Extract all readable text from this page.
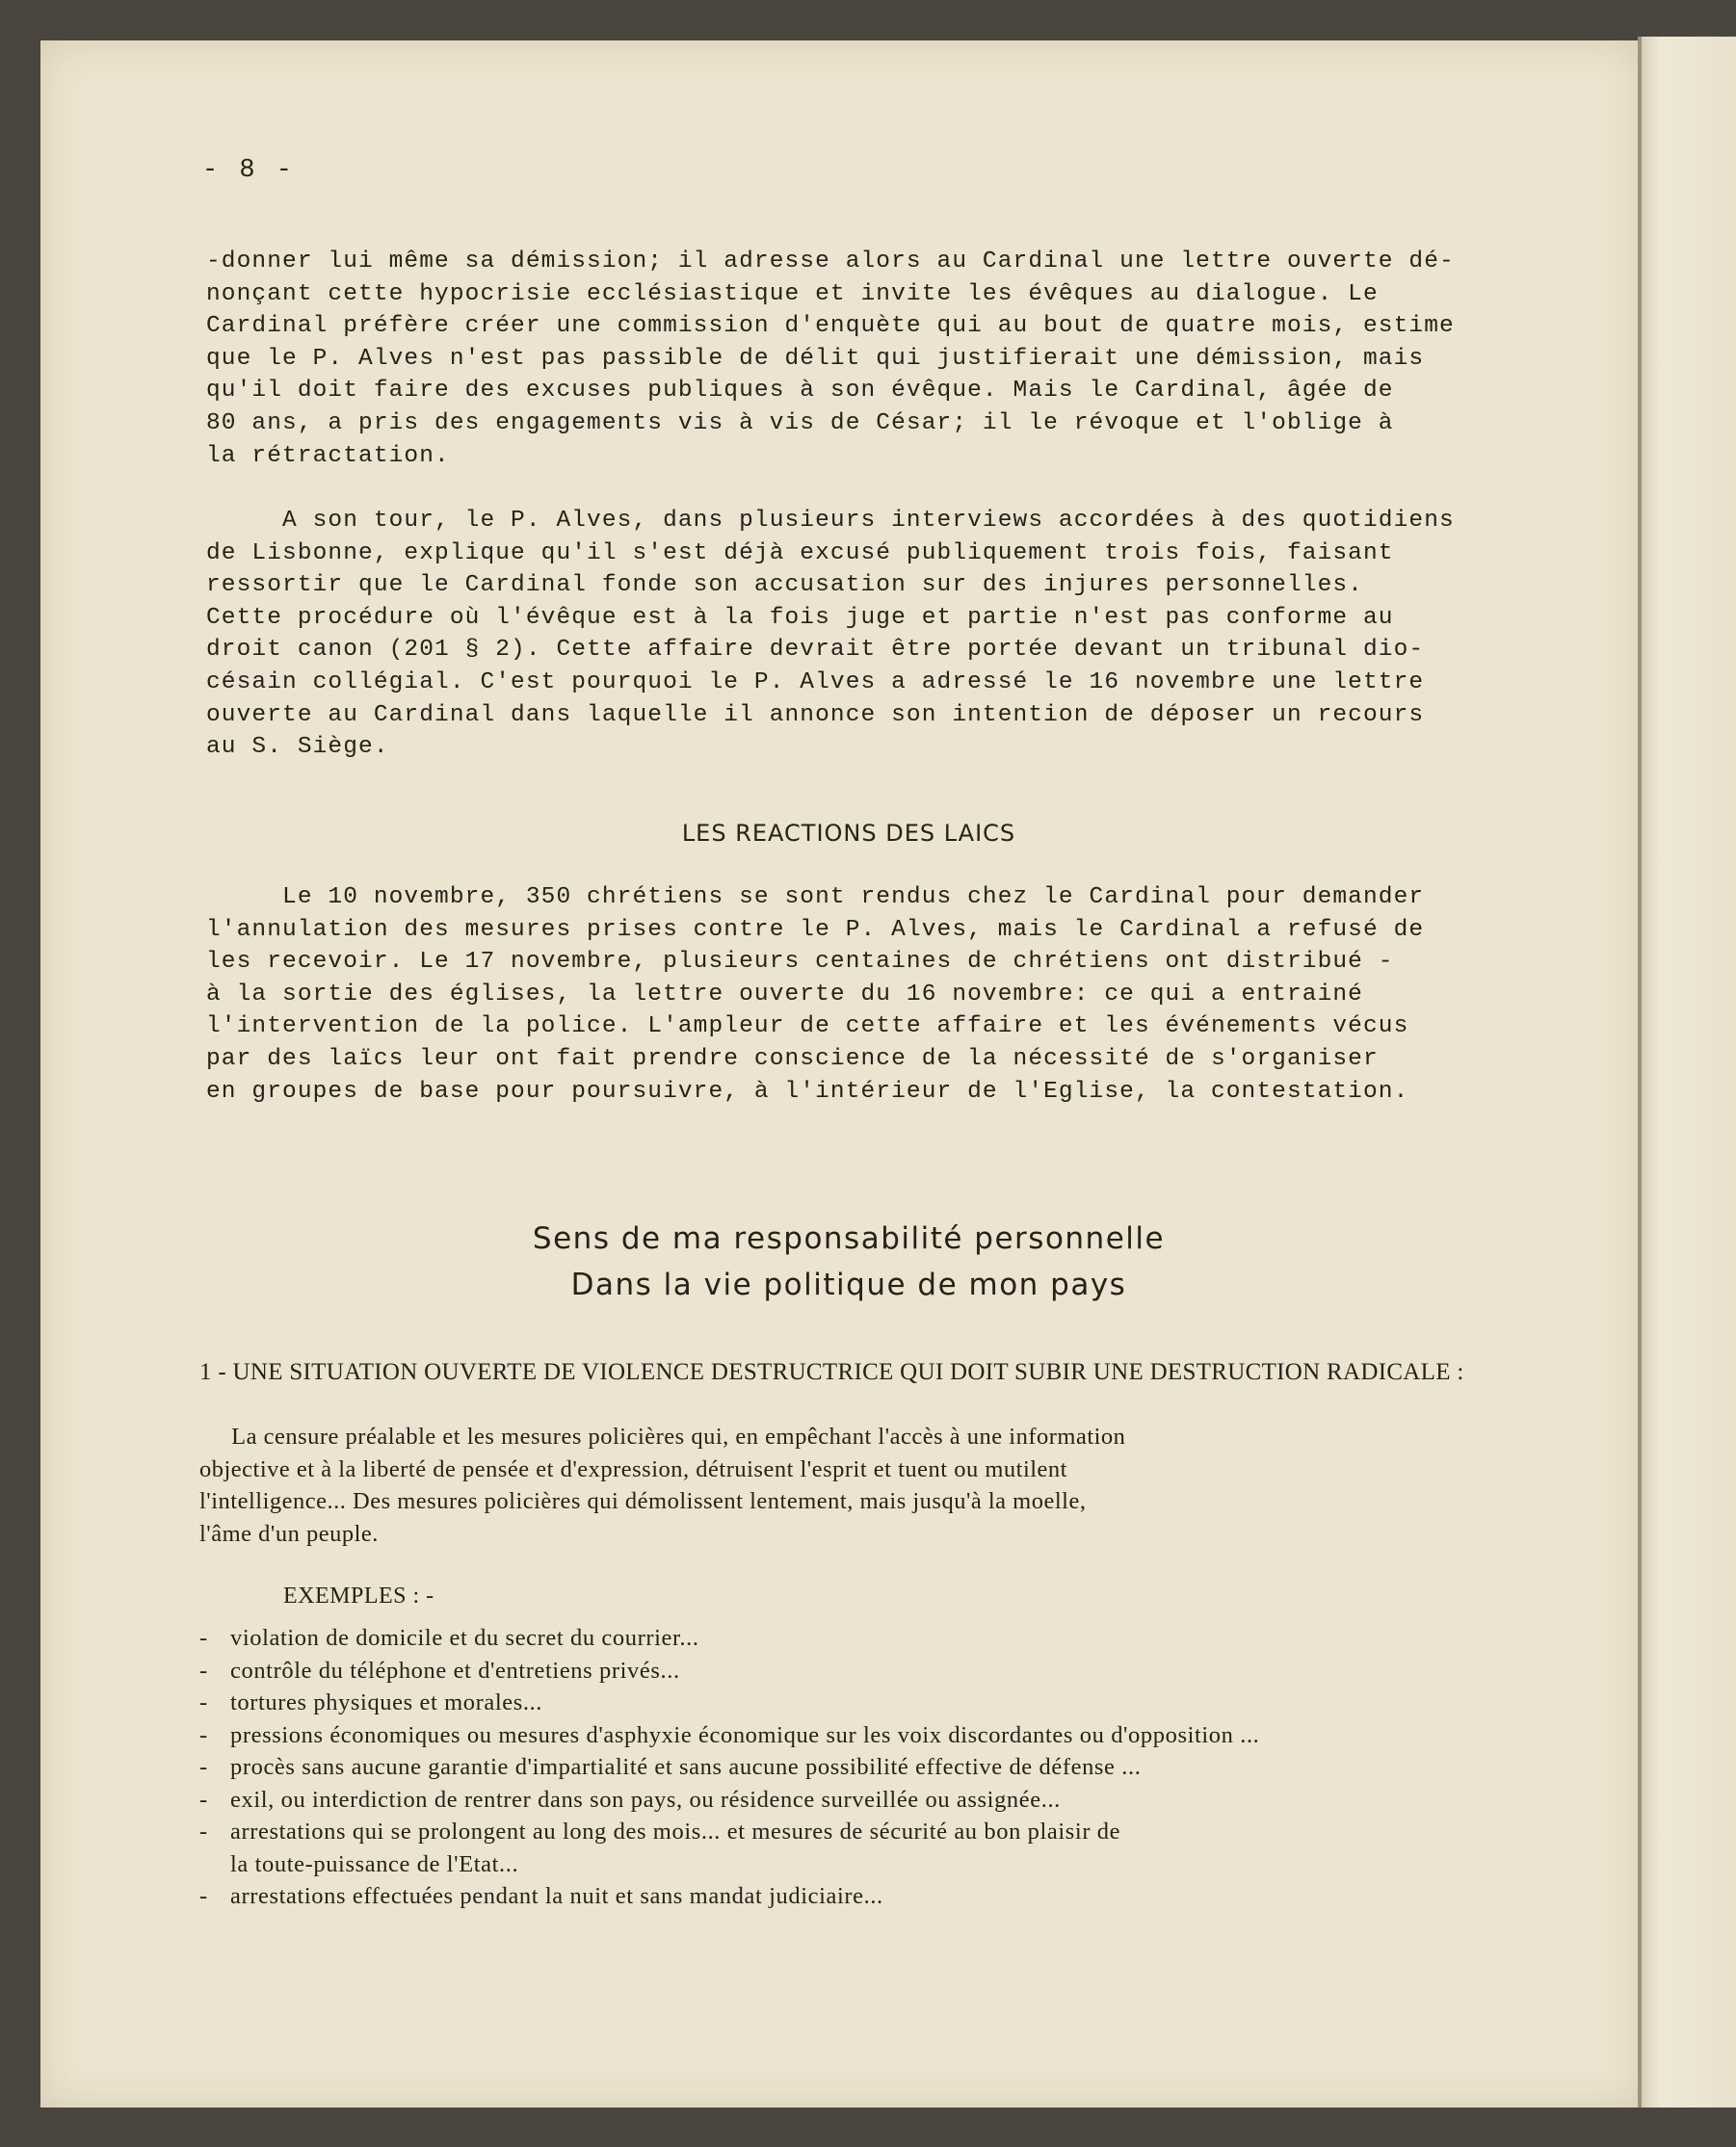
- 8 -
-donner lui même sa démission; il adresse alors au Cardinal une lettre ouverte dé-
nonçant cette hypocrisie ecclésiastique et invite les évêques au dialogue. Le
Cardinal préfère créer une commission d'enquète qui au bout de quatre mois, estime
que le P. Alves n'est pas passible de délit qui justifierait une démission, mais
qu'il doit faire des excuses publiques à son évêque. Mais le Cardinal, âgée de
80 ans, a pris des engagements vis à vis de César; il le révoque et l'oblige à
la rétractation.
A son tour, le P. Alves, dans plusieurs interviews accordées à des quotidiens
de Lisbonne, explique qu'il s'est déjà excusé publiquement trois fois, faisant
ressortir que le Cardinal fonde son accusation sur des injures personnelles.
Cette procédure où l'évêque est à la fois juge et partie n'est pas conforme au
droit canon (201 § 2). Cette affaire devrait être portée devant un tribunal dio-
césain collégial. C'est pourquoi le P. Alves a adressé le 16 novembre une lettre
ouverte au Cardinal dans laquelle il annonce son intention de déposer un recours
au S. Siège.
LES REACTIONS DES LAICS
Le 10 novembre, 350 chrétiens se sont rendus chez le Cardinal pour demander
l'annulation des mesures prises contre le P. Alves, mais le Cardinal a refusé de
les recevoir. Le 17 novembre, plusieurs centaines de chrétiens ont distribué -
à la sortie des églises, la lettre ouverte du 16 novembre: ce qui a entrainé
l'intervention de la police. L'ampleur de cette affaire et les événements vécus
par des laïcs leur ont fait prendre conscience de la nécessité de s'organiser
en groupes de base pour poursuivre, à l'intérieur de l'Eglise, la contestation.
Sens de ma responsabilité personnelle
Dans la vie politique de mon pays
1 - UNE SITUATION OUVERTE DE VIOLENCE DESTRUCTRICE QUI DOIT SUBIR UNE DESTRUCTION RADICALE :
La censure préalable et les mesures policières qui, en empêchant l'accès à une information
objective et à la liberté de pensée et d'expression, détruisent l'esprit et tuent ou mutilent
l'intelligence... Des mesures policières qui démolissent lentement, mais jusqu'à la moelle,
l'âme d'un peuple.
EXEMPLES : -
- violation de domicile et du secret du courrier...
- contrôle du téléphone et d'entretiens privés...
- tortures physiques et morales...
- pressions économiques ou mesures d'asphyxie économique sur les voix discordantes ou d'opposition ...
- procès sans aucune garantie d'impartialité et sans aucune possibilité effective de défense ...
- exil, ou interdiction de rentrer dans son pays, ou résidence surveillée ou assignée...
- arrestations qui se prolongent au long des mois... et mesures de sécurité au bon plaisir de
la toute-puissance de l'Etat...
- arrestations effectuées pendant la nuit et sans mandat judiciaire...
